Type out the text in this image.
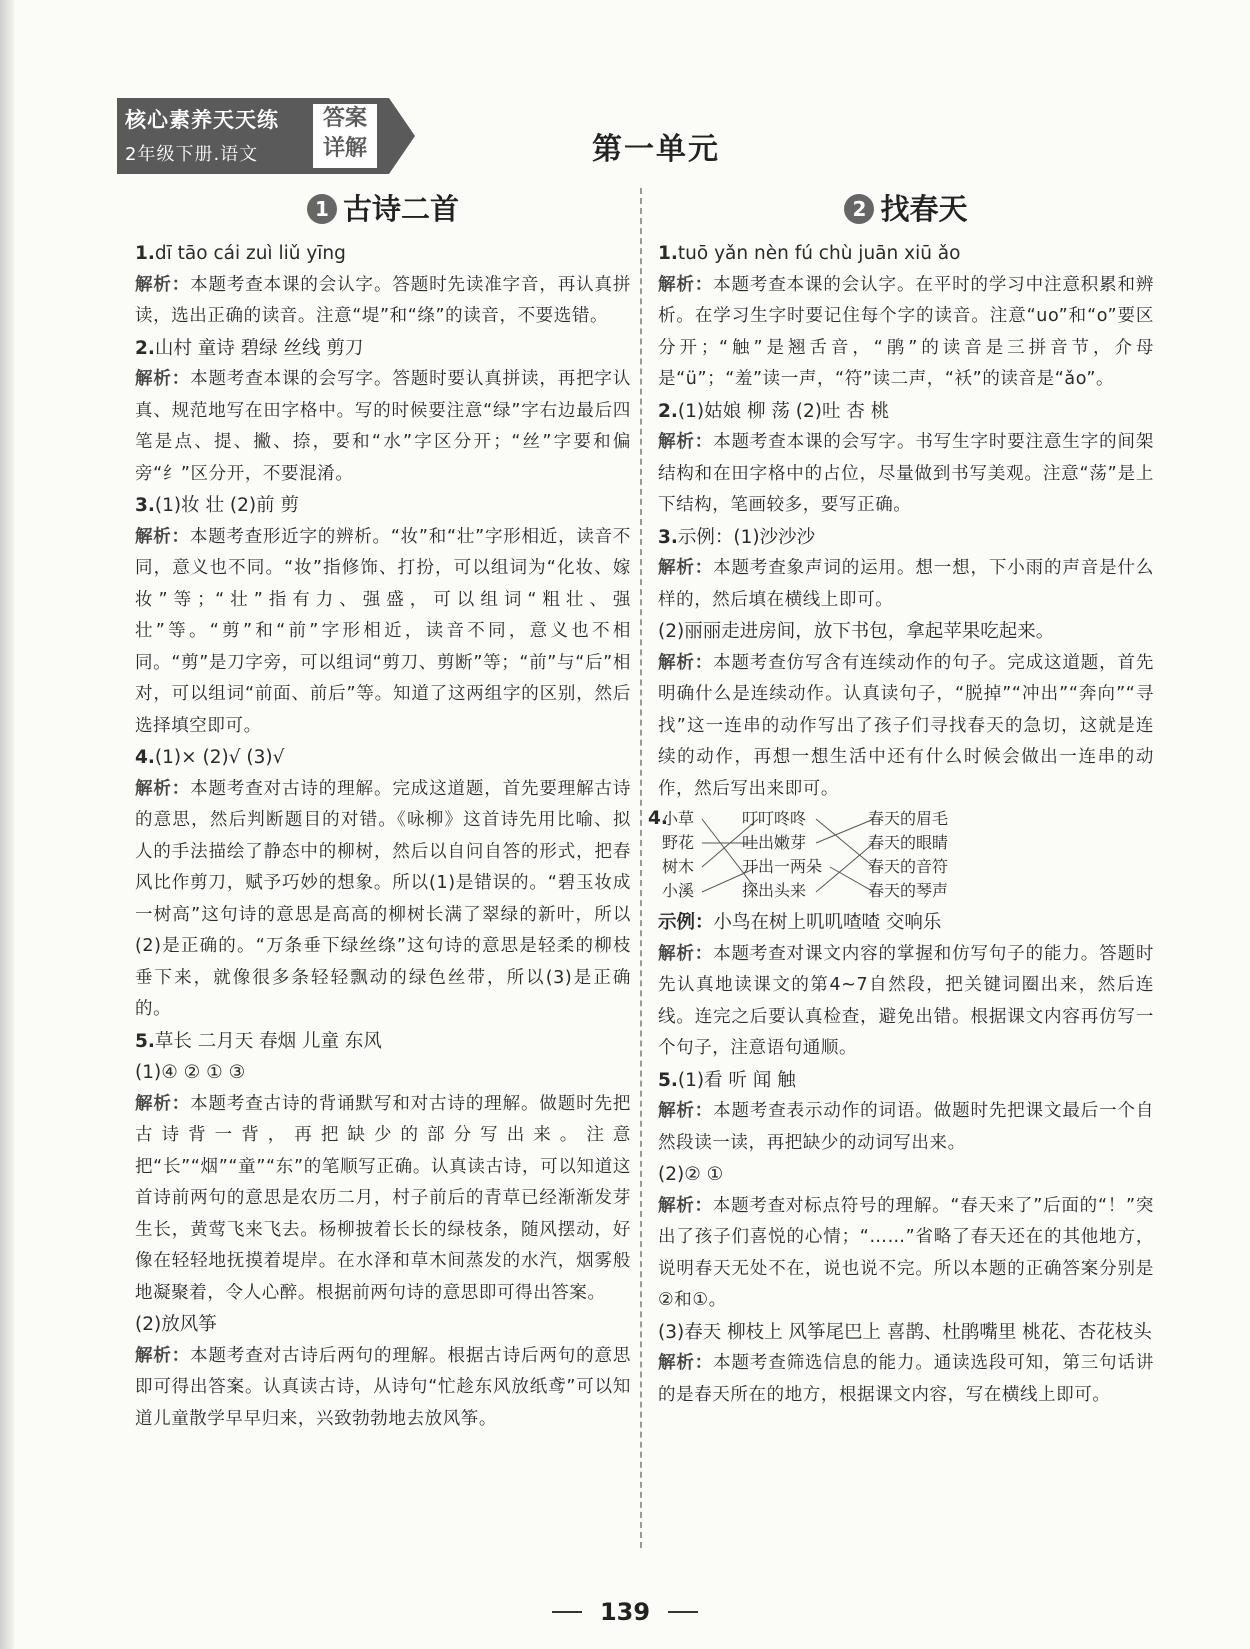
核心素养天天练
2年级下册.语文
答案
详解	第一单元
1 古诗二首

1.dī tāo cái zuì liǔ yīng

解析：本题考查本课的会认字。答题时先读准字音，再认真拼读，选出正确的读音。注意“堤”和“绦”的读音，不要选错。

2.山村 童诗 碧绿 丝线 剪刀

解析：本题考查本课的会写字。答题时要认真拼读，再把字认真、规范地写在田字格中。写的时候要注意“绿”字右边最后四笔是点、提、撇、捺，要和“水”字区分开；“丝”字要和偏旁“纟”区分开，不要混淆。

3.(1)妆 壮 (2)前 剪

解析：本题考查形近字的辨析。“妆”和“壮”字形相近，读音不同，意义也不同。“妆”指修饰、打扮，可以组词为“化妆、嫁妆”等；“壮”指有力、强盛，可以组词“粗壮、强壮”等。“剪”和“前”字形相近，读音不同，意义也不相同。“剪”是刀字旁，可以组词“剪刀、剪断”等；“前”与“后”相对，可以组词“前面、前后”等。知道了这两组字的区别，然后选择填空即可。

4.(1)× (2)√ (3)√

解析：本题考查对古诗的理解。完成这道题，首先要理解古诗的意思，然后判断题目的对错。《咏柳》这首诗先用比喻、拟人的手法描绘了静态中的柳树，然后以自问自答的形式，把春风比作剪刀，赋予巧妙的想象。所以(1)是错误的。“碧玉妆成一树高”这句诗的意思是高高的柳树长满了翠绿的新叶，所以(2)是正确的。“万条垂下绿丝绦”这句诗的意思是轻柔的柳枝垂下来，就像很多条轻轻飘动的绿色丝带，所以(3)是正确的。

5.草长 二月天 春烟 儿童 东风

(1)④ ② ① ③

解析：本题考查古诗的背诵默写和对古诗的理解。做题时先把古诗背一背，再把缺少的部分写出来。注意把“长”“烟”“童”“东”的笔顺写正确。认真读古诗，可以知道这首诗前两句的意思是农历二月，村子前后的青草已经渐渐发芽生长，黄莺飞来飞去。杨柳披着长长的绿枝条，随风摆动，好像在轻轻地抚摸着堤岸。在水泽和草木间蒸发的水汽，烟雾般地凝聚着，令人心醉。根据前两句诗的意思即可得出答案。

(2)放风筝

解析：本题考查对古诗后两句的理解。根据古诗后两句的意思即可得出答案。认真读古诗，从诗句“忙趁东风放纸鸢”可以知道儿童散学早早归来，兴致勃勃地去放风筝。

2 找春天

1.tuō yǎn nèn fú chù juān xiū ǎo

解析：本题考查本课的会认字。在平时的学习中注意积累和辨析。在学习生字时要记住每个字的读音。注意“uo”和“o”要区分开；“触”是翘舌音，“鹃”的读音是三拼音节，介母是“ü”；“羞”读一声，“符”读二声，“袄”的读音是“ǎo”。

2.(1)姑娘 柳 荡 (2)吐 杏 桃

解析：本题考查本课的会写字。书写生字时要注意生字的间架结构和在田字格中的占位，尽量做到书写美观。注意“荡”是上下结构，笔画较多，要写正确。

3.示例：(1)沙沙沙

解析：本题考查象声词的运用。想一想，下小雨的声音是什么样的，然后填在横线上即可。

(2)丽丽走进房间，放下书包，拿起苹果吃起来。

解析：本题考查仿写含有连续动作的句子。完成这道题，首先明确什么是连续动作。认真读句子，“脱掉”“冲出”“奔向”“寻找”这一连串的动作写出了孩子们寻找春天的急切，这就是连续的动作，再想一想生活中还有什么时候会做出一连串的动作，然后写出来即可。

4.
小草
野花
树木
小溪
叮叮咚咚
吐出嫩芽
开出一两朵
探出头来
春天的眉毛
春天的眼睛
春天的音符
春天的琴声

示例：小鸟在树上叽叽喳喳 交响乐

解析：本题考查对课文内容的掌握和仿写句子的能力。答题时先认真地读课文的第4~7自然段，把关键词圈出来，然后连线。连完之后要认真检查，避免出错。根据课文内容再仿写一个句子，注意语句通顺。

5.(1)看 听 闻 触

解析：本题考查表示动作的词语。做题时先把课文最后一个自然段读一读，再把缺少的动词写出来。

(2)② ①

解析：本题考查对标点符号的理解。“春天来了”后面的“！”突出了孩子们喜悦的心情；“……”省略了春天还在的其他地方，说明春天无处不在，说也说不完。所以本题的正确答案分别是②和①。

(3)春天 柳枝上 风筝尾巴上 喜鹊、杜鹃嘴里 桃花、杏花枝头

解析：本题考查筛选信息的能力。通读选段可知，第三句话讲的是春天所在的地方，根据课文内容，写在横线上即可。

139
